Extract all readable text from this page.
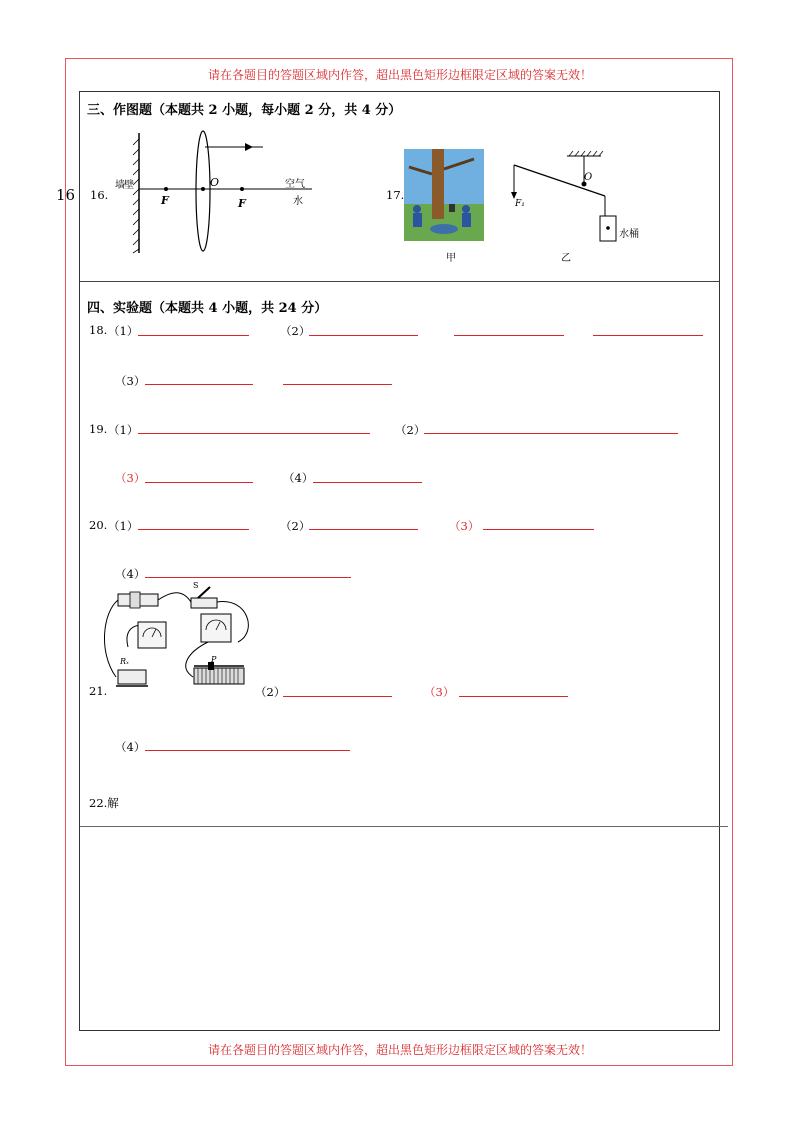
请在各题目的答题区域内作答，超出黑色矩形边框限定区域的答案无效！
请在各题目的答题区域内作答，超出黑色矩形边框限定区域的答案无效！
三、作图题（本题共 2 小题，每小题 2 分，共 4 分）
16 16.
墙壁
F
O
F
空气
水	17.
甲
O
F₁
水桶
乙
四、实验题（本题共 4 小题，共 24 分）
18. （1）	（2）
（3）
19. （1）	（2）
（3）	（4）
20. （1）	（2）	（3）
（4）
S
Rₓ	P
21.	（2）	（3）
（4）
22.解
